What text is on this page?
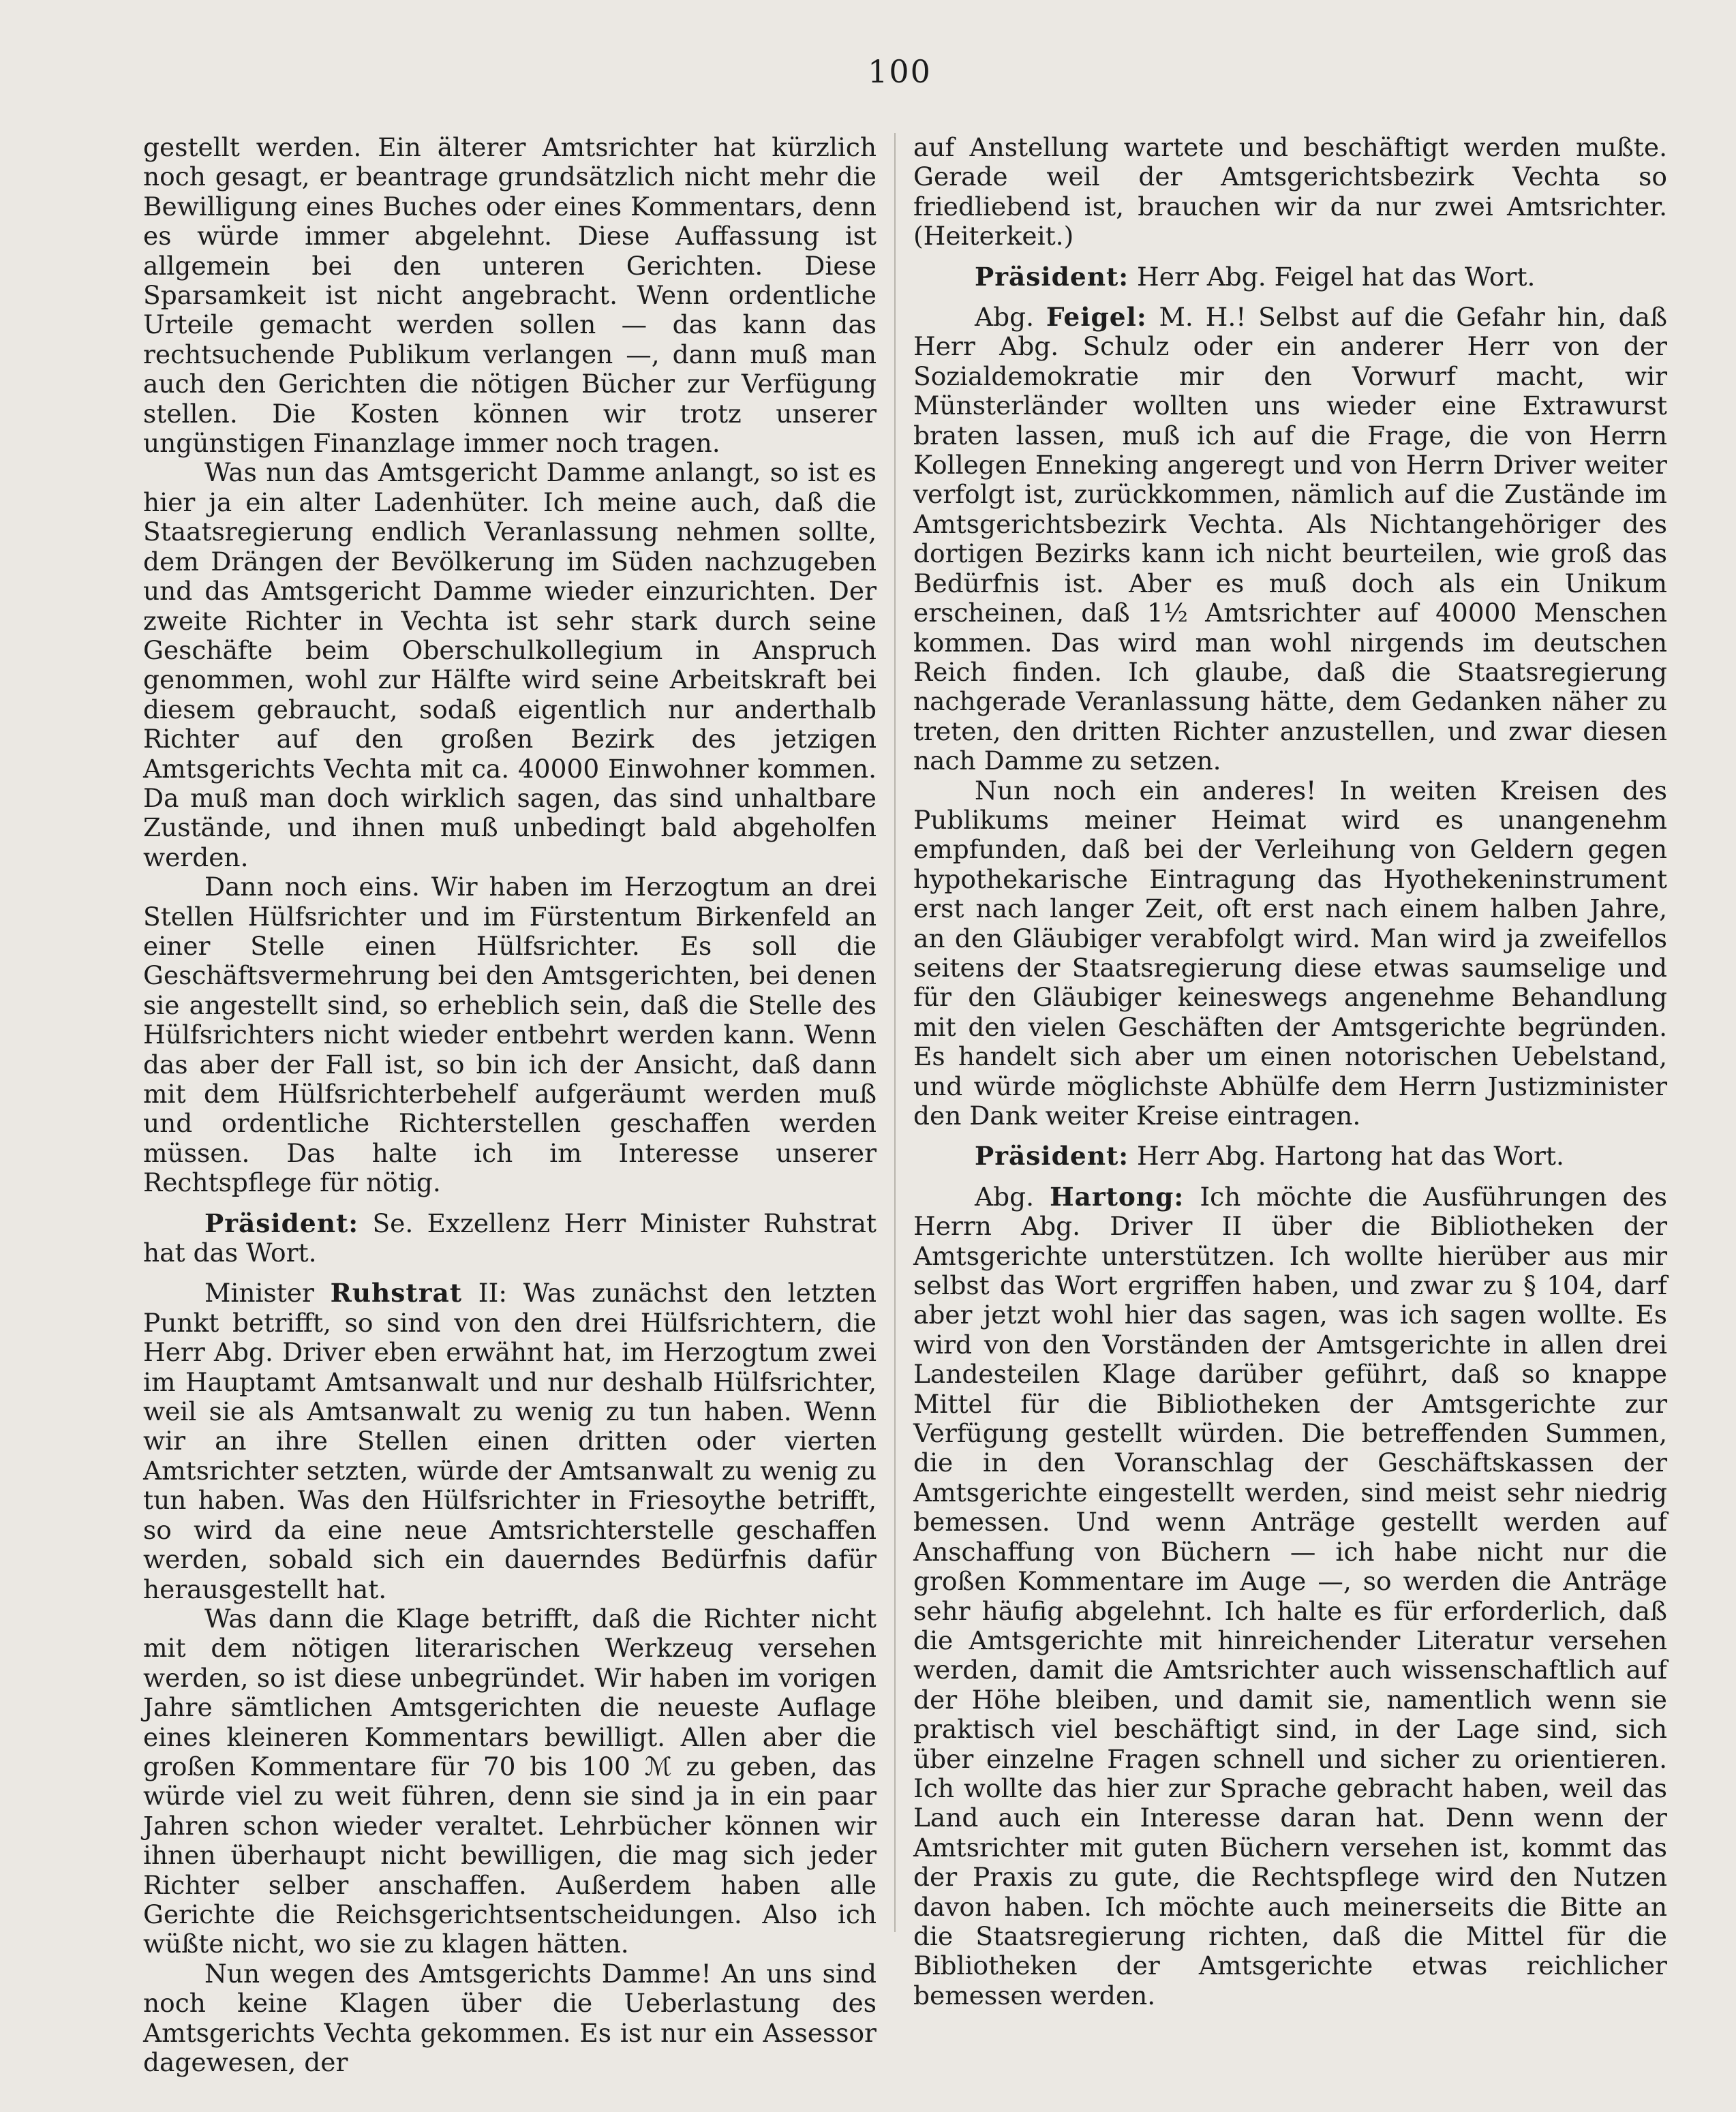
100

gestellt werden. Ein älterer Amtsrichter hat kürzlich noch gesagt, er beantrage grundsätzlich nicht mehr die Bewilligung eines Buches oder eines Kommentars, denn es würde immer abgelehnt. Diese Auffassung ist allgemein bei den unteren Gerichten. Diese Sparsamkeit ist nicht angebracht. Wenn ordentliche Urteile gemacht werden sollen — das kann das rechtsuchende Publikum verlangen —, dann muß man auch den Gerichten die nötigen Bücher zur Verfügung stellen. Die Kosten können wir trotz unserer ungünstigen Finanzlage immer noch tragen.

Was nun das Amtsgericht Damme anlangt, so ist es hier ja ein alter Ladenhüter. Ich meine auch, daß die Staatsregierung endlich Veranlassung nehmen sollte, dem Drängen der Bevölkerung im Süden nachzugeben und das Amtsgericht Damme wieder einzurichten. Der zweite Richter in Vechta ist sehr stark durch seine Geschäfte beim Oberschulkollegium in Anspruch genommen, wohl zur Hälfte wird seine Arbeitskraft bei diesem gebraucht, sodaß eigentlich nur anderthalb Richter auf den großen Bezirk des jetzigen Amtsgerichts Vechta mit ca. 40000 Einwohner kommen. Da muß man doch wirklich sagen, das sind unhaltbare Zustände, und ihnen muß unbedingt bald abgeholfen werden.

Dann noch eins. Wir haben im Herzogtum an drei Stellen Hülfsrichter und im Fürstentum Birkenfeld an einer Stelle einen Hülfsrichter. Es soll die Geschäftsvermehrung bei den Amtsgerichten, bei denen sie angestellt sind, so erheblich sein, daß die Stelle des Hülfsrichters nicht wieder entbehrt werden kann. Wenn das aber der Fall ist, so bin ich der Ansicht, daß dann mit dem Hülfsrichterbehelf aufgeräumt werden muß und ordentliche Richterstellen geschaffen werden müssen. Das halte ich im Interesse unserer Rechtspflege für nötig.

Präsident: Se. Exzellenz Herr Minister Ruhstrat hat das Wort.

Minister Ruhstrat II: Was zunächst den letzten Punkt betrifft, so sind von den drei Hülfsrichtern, die Herr Abg. Driver eben erwähnt hat, im Herzogtum zwei im Hauptamt Amtsanwalt und nur deshalb Hülfsrichter, weil sie als Amtsanwalt zu wenig zu tun haben. Wenn wir an ihre Stellen einen dritten oder vierten Amtsrichter setzten, würde der Amtsanwalt zu wenig zu tun haben. Was den Hülfsrichter in Friesoythe betrifft, so wird da eine neue Amtsrichterstelle geschaffen werden, sobald sich ein dauerndes Bedürfnis dafür herausgestellt hat.

Was dann die Klage betrifft, daß die Richter nicht mit dem nötigen literarischen Werkzeug versehen werden, so ist diese unbegründet. Wir haben im vorigen Jahre sämtlichen Amtsgerichten die neueste Auflage eines kleineren Kommentars bewilligt. Allen aber die großen Kommentare für 70 bis 100 ℳ zu geben, das würde viel zu weit führen, denn sie sind ja in ein paar Jahren schon wieder veraltet. Lehrbücher können wir ihnen überhaupt nicht bewilligen, die mag sich jeder Richter selber anschaffen. Außerdem haben alle Gerichte die Reichsgerichtsentscheidungen. Also ich wüßte nicht, wo sie zu klagen hätten.

Nun wegen des Amtsgerichts Damme! An uns sind noch keine Klagen über die Ueberlastung des Amtsgerichts Vechta gekommen. Es ist nur ein Assessor dagewesen, der

auf Anstellung wartete und beschäftigt werden mußte. Gerade weil der Amtsgerichtsbezirk Vechta so friedliebend ist, brauchen wir da nur zwei Amtsrichter. (Heiterkeit.)

Präsident: Herr Abg. Feigel hat das Wort.

Abg. Feigel: M. H.! Selbst auf die Gefahr hin, daß Herr Abg. Schulz oder ein anderer Herr von der Sozialdemokratie mir den Vorwurf macht, wir Münsterländer wollten uns wieder eine Extrawurst braten lassen, muß ich auf die Frage, die von Herrn Kollegen Enneking angeregt und von Herrn Driver weiter verfolgt ist, zurückkommen, nämlich auf die Zustände im Amtsgerichtsbezirk Vechta. Als Nichtangehöriger des dortigen Bezirks kann ich nicht beurteilen, wie groß das Bedürfnis ist. Aber es muß doch als ein Unikum erscheinen, daß 1½ Amtsrichter auf 40000 Menschen kommen. Das wird man wohl nirgends im deutschen Reich finden. Ich glaube, daß die Staatsregierung nachgerade Veranlassung hätte, dem Gedanken näher zu treten, den dritten Richter anzustellen, und zwar diesen nach Damme zu setzen.

Nun noch ein anderes! In weiten Kreisen des Publikums meiner Heimat wird es unangenehm empfunden, daß bei der Verleihung von Geldern gegen hypothekarische Eintragung das Hyothekeninstrument erst nach langer Zeit, oft erst nach einem halben Jahre, an den Gläubiger verabfolgt wird. Man wird ja zweifellos seitens der Staatsregierung diese etwas saumselige und für den Gläubiger keineswegs angenehme Behandlung mit den vielen Geschäften der Amtsgerichte begründen. Es handelt sich aber um einen notorischen Uebelstand, und würde möglichste Abhülfe dem Herrn Justizminister den Dank weiter Kreise eintragen.

Präsident: Herr Abg. Hartong hat das Wort.

Abg. Hartong: Ich möchte die Ausführungen des Herrn Abg. Driver II über die Bibliotheken der Amtsgerichte unterstützen. Ich wollte hierüber aus mir selbst das Wort ergriffen haben, und zwar zu § 104, darf aber jetzt wohl hier das sagen, was ich sagen wollte. Es wird von den Vorständen der Amtsgerichte in allen drei Landesteilen Klage darüber geführt, daß so knappe Mittel für die Bibliotheken der Amtsgerichte zur Verfügung gestellt würden. Die betreffenden Summen, die in den Voranschlag der Geschäftskassen der Amtsgerichte eingestellt werden, sind meist sehr niedrig bemessen. Und wenn Anträge gestellt werden auf Anschaffung von Büchern — ich habe nicht nur die großen Kommentare im Auge —, so werden die Anträge sehr häufig abgelehnt. Ich halte es für erforderlich, daß die Amtsgerichte mit hinreichender Literatur versehen werden, damit die Amtsrichter auch wissenschaftlich auf der Höhe bleiben, und damit sie, namentlich wenn sie praktisch viel beschäftigt sind, in der Lage sind, sich über einzelne Fragen schnell und sicher zu orientieren. Ich wollte das hier zur Sprache gebracht haben, weil das Land auch ein Interesse daran hat. Denn wenn der Amtsrichter mit guten Büchern versehen ist, kommt das der Praxis zu gute, die Rechtspflege wird den Nutzen davon haben. Ich möchte auch meinerseits die Bitte an die Staatsregierung richten, daß die Mittel für die Bibliotheken der Amtsgerichte etwas reichlicher bemessen werden.
